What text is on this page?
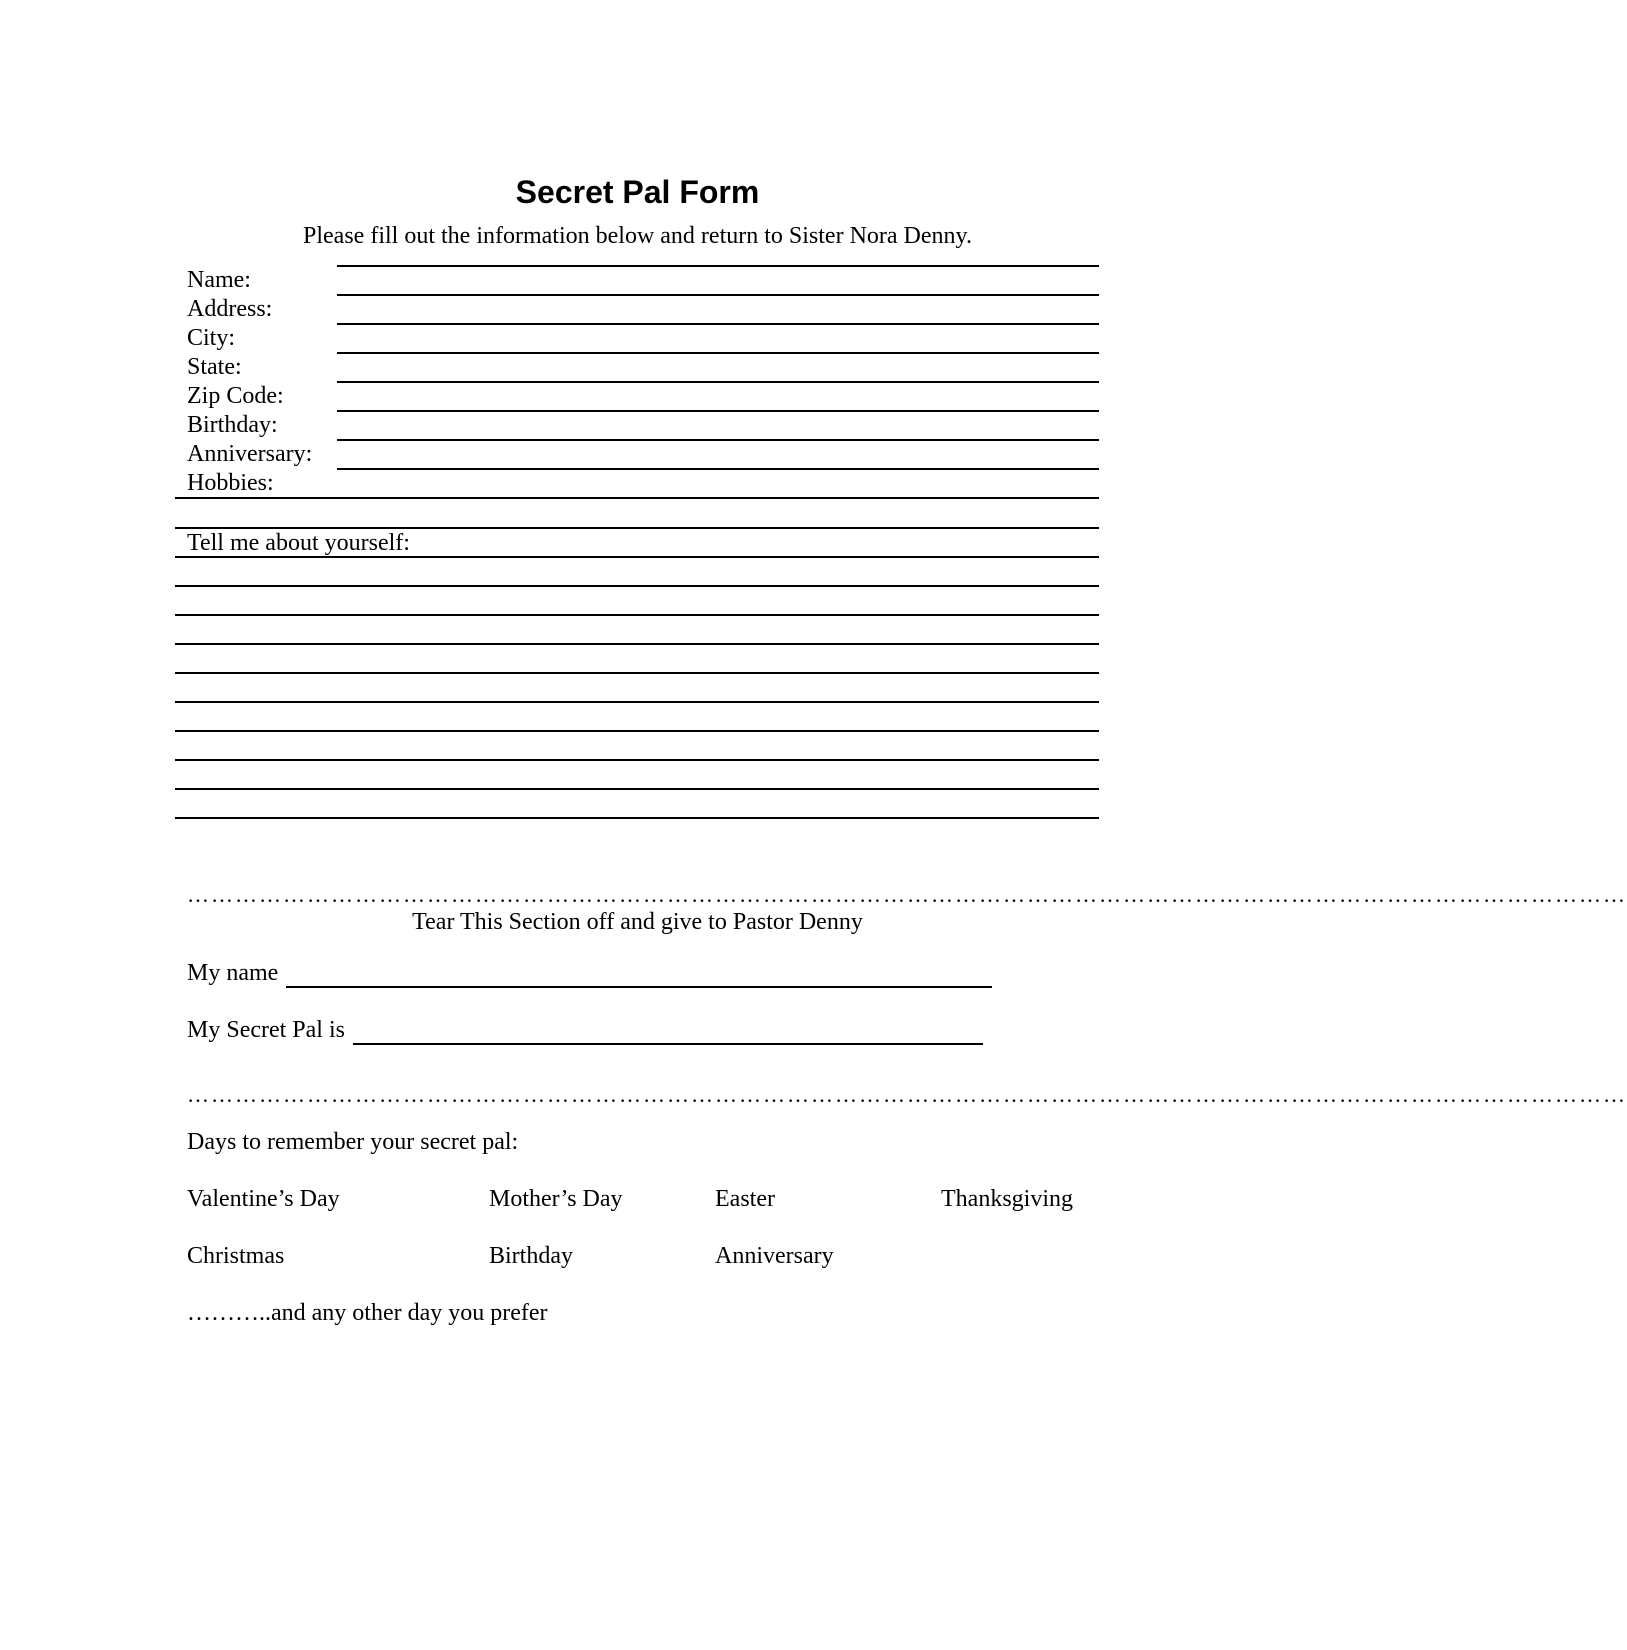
Secret Pal Form
Please fill out the information below and return to Sister Nora Denny.
Name:
Address:
City:
State:
Zip Code:
Birthday:
Anniversary:
Hobbies:
Tell me about yourself:
………………………………………………………………………………………………………………………………………………………………
Tear This Section off and give to Pastor Denny
My name
My Secret Pal is
………………………………………………………………………………………………………………………………………………………………
Days to remember your secret pal:
Valentine’s Day	Mother’s Day	Easter	Thanksgiving
Christmas	Birthday	Anniversary
………..and any other day you prefer
